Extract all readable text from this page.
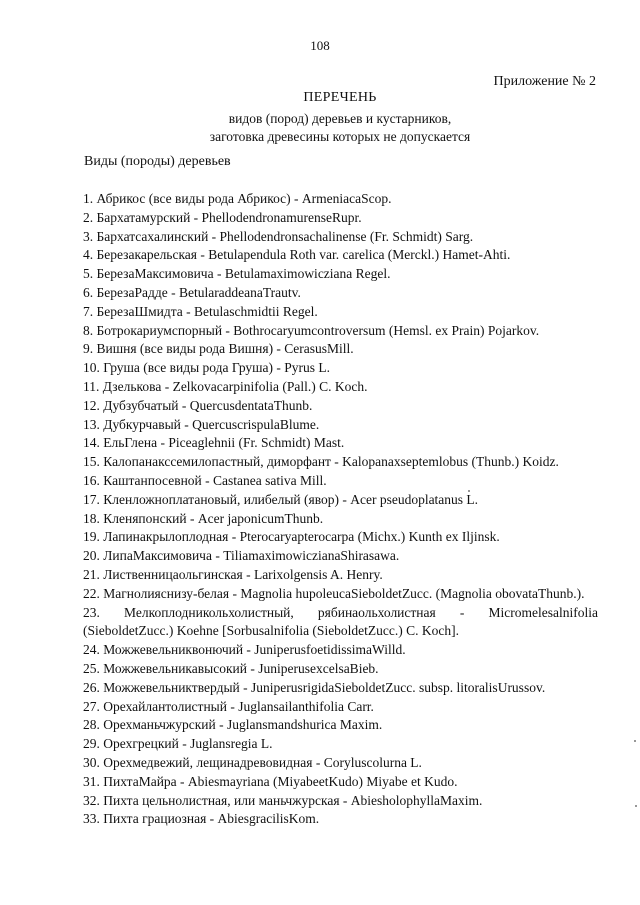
108
Приложение № 2
ПЕРЕЧЕНЬ
видов (пород) деревьев и кустарников,
заготовка древесины которых не допускается
Виды (породы) деревьев
1. Абрикос (все виды рода Абрикос) - ArmeniacaScop.
2. Бархатамурский - PhellodendronamurenseRupr.
3. Бархатсахалинский - Phellodendronsachalinense (Fr. Schmidt) Sarg.
4. Березакарельская - Betulapendula Roth var. carelica (Merckl.) Hamet-Ahti.
5. БерезаМаксимовича - Betulamaximowicziana Regel.
6. БерезаРадде - BetularaddeanaTrautv.
7. БерезаШмидта - Betulaschmidtii Regel.
8. Ботрокариумспорный - Bothrocaryumcontroversum (Hemsl. ex Prain) Pojarkov.
9. Вишня (все виды рода Вишня) - CerasusMill.
10. Груша (все виды рода Груша) - Pyrus L.
11. Дзелькова - Zelkovacarpinifolia (Pall.) C. Koch.
12. Дубзубчатый - QuercusdentataThunb.
13. Дубкурчавый - QuercuscrispulaBlume.
14. ЕльГлена - Piceaglehnii (Fr. Schmidt) Mast.
15. Калопанаксcемилопастный, диморфант - Kalopanaxseptemlobus (Thunb.) Koidz.
16. Каштанпосевной - Castanea sativa Mill.
17. Кленложноплатановый, илибелый (явор) - Acer pseudoplatanus L.
18. Кленяпонский - Acer japonicumThunb.
19. Лапинакрылоплодная - Pterocaryapterocarpa (Michx.) Kunth ex Iljinsk.
20. ЛипаМаксимовича - TiliamaximowiczianaShirasawa.
21. Лиственницаольгинская - Larixolgensis A. Henry.
22. Магнолияснизу-белая - Magnolia hupoleucaSieboldetZucc. (Magnolia obovataThunb.).
23. Мелкоплодникольхолистный, рябинаольхолистная - Micromelesalnifolia (SieboldetZucc.) Koehne [Sorbusalnifolia (SieboldetZucc.) C. Koch].
24. Можжевельниквонючий - JuniperusfoetidissimaWilld.
25. Можжевельникавысокий - JuniperusexcelsaBieb.
26. Можжевельниктвердый - JuniperusrigidaSieboldetZucc. subsp. litoralisUrussov.
27. Орехайлантолистный - Juglansailanthifolia Carr.
28. Орехманьчжурский - Juglansmandshurica Maxim.
29. Орехгрецкий - Juglansregia L.
30. Орехмедвежий, лещинадревовидная - Coryluscolurna L.
31. ПихтаМайра - Abiesmayriana (MiyabeetKudo) Miyabe et Kudo.
32. Пихта цельнолистная, или маньчжурская - AbiesholophyllaMaxim.
33. Пихта грациозная - AbiesgracilisKom.
